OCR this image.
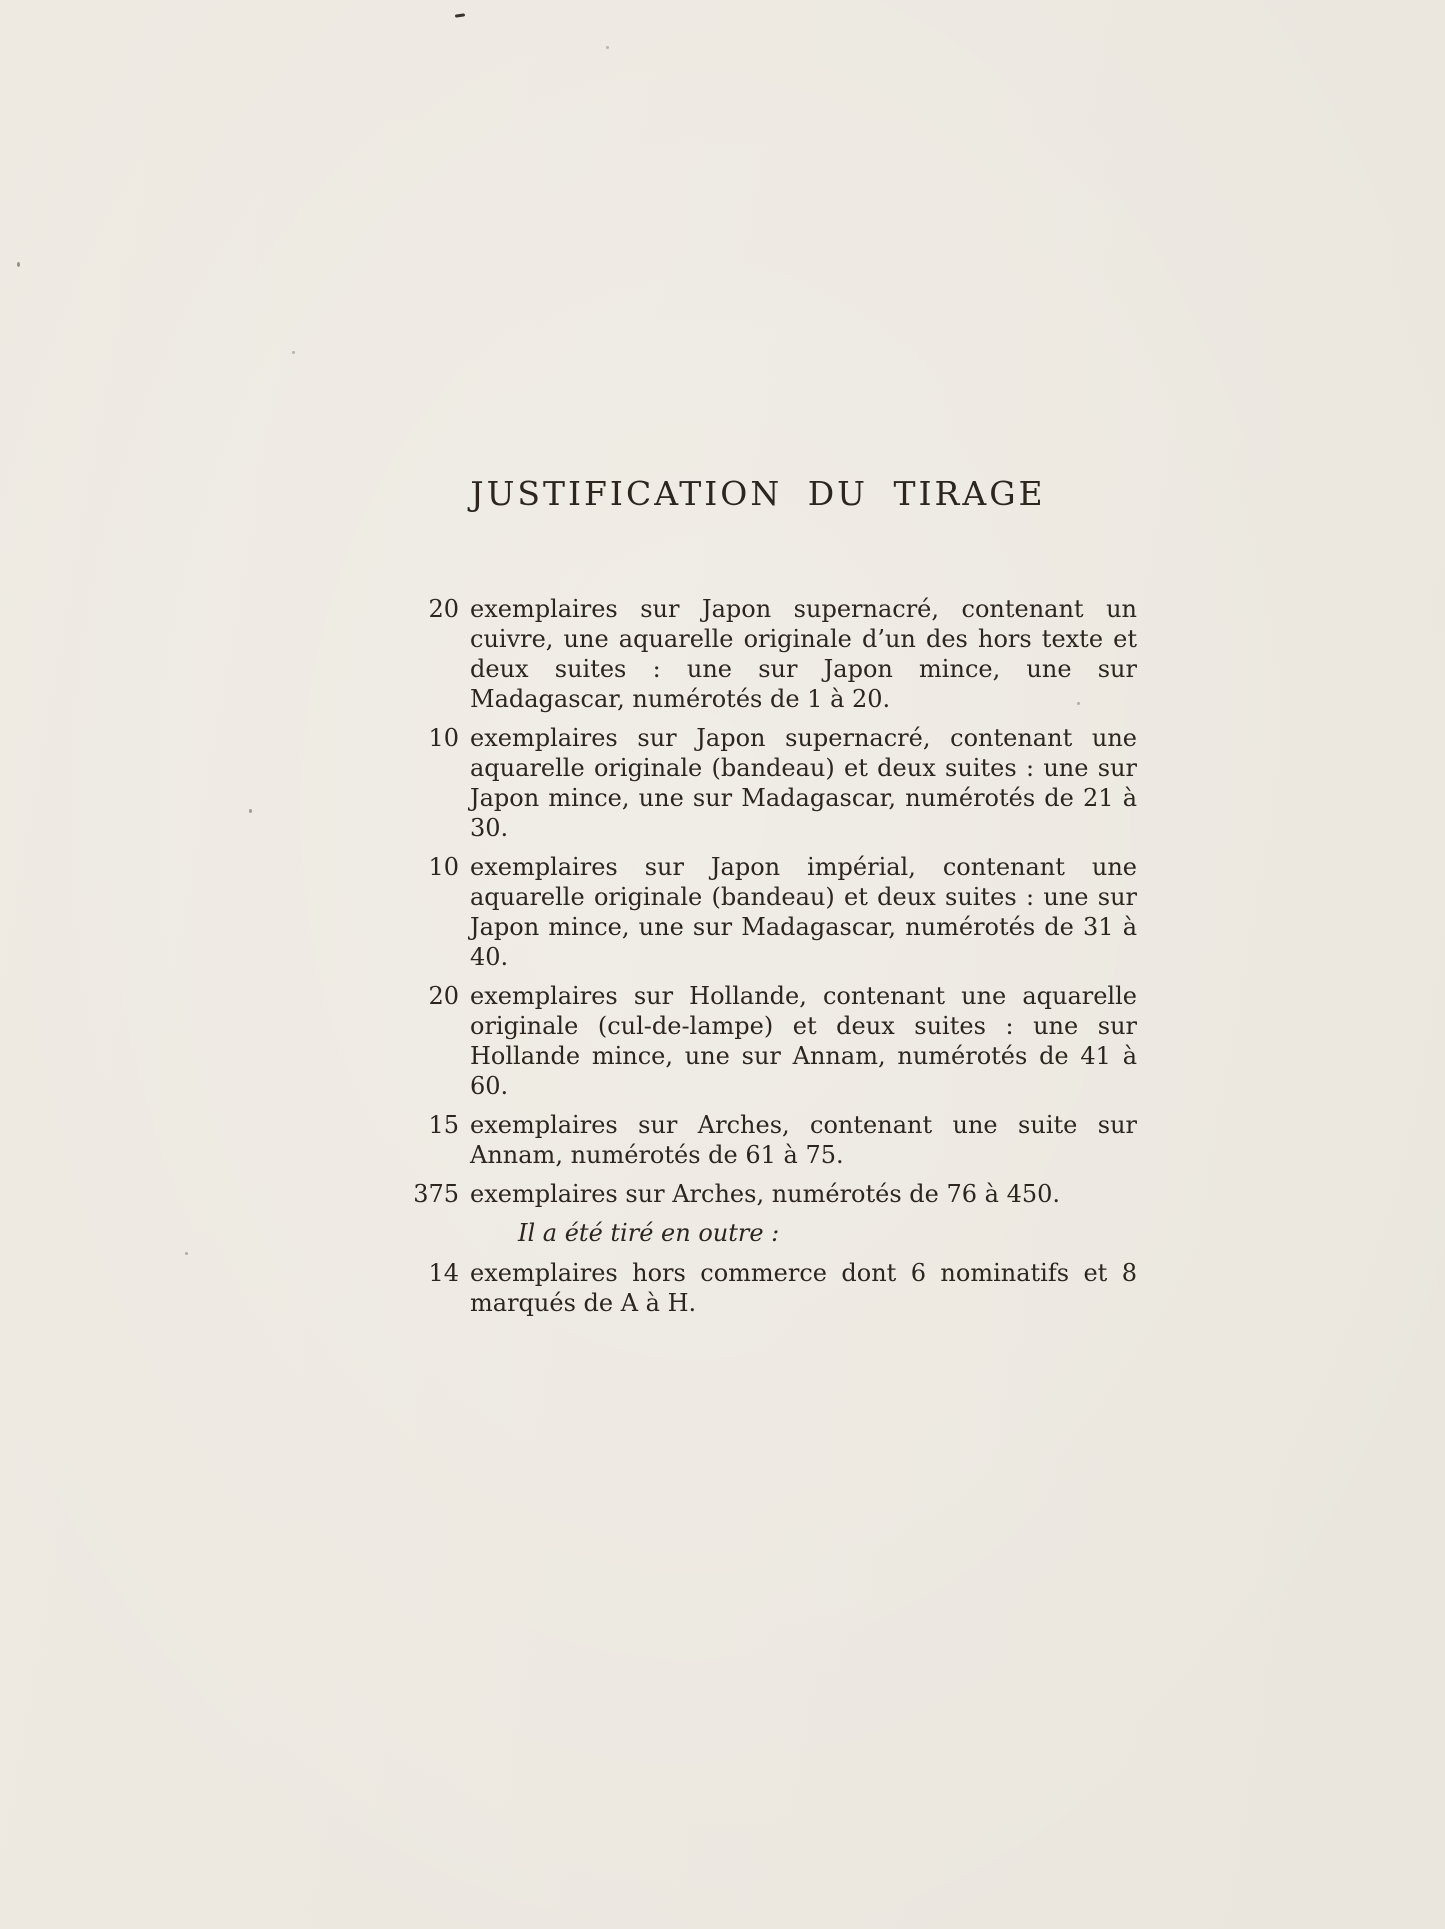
JUSTIFICATION DU TIRAGE
20 exemplaires sur Japon supernacré, contenant un cuivre, une aquarelle originale d’un des hors texte et deux suites : une sur Japon mince, une sur Madagascar, numérotés de 1 à 20.
10 exemplaires sur Japon supernacré, contenant une aquarelle originale (bandeau) et deux suites : une sur Japon mince, une sur Madagascar, numérotés de 21 à 30.
10 exemplaires sur Japon impérial, contenant une aquarelle originale (bandeau) et deux suites : une sur Japon mince, une sur Madagascar, numérotés de 31 à 40.
20 exemplaires sur Hollande, contenant une aquarelle originale (cul-de-lampe) et deux suites : une sur Hollande mince, une sur Annam, numérotés de 41 à 60.
15 exemplaires sur Arches, contenant une suite sur Annam, numérotés de 61 à 75.
375 exemplaires sur Arches, numérotés de 76 à 450.

Il a été tiré en outre :

14 exemplaires hors commerce dont 6 nominatifs et 8 marqués de A à H.
